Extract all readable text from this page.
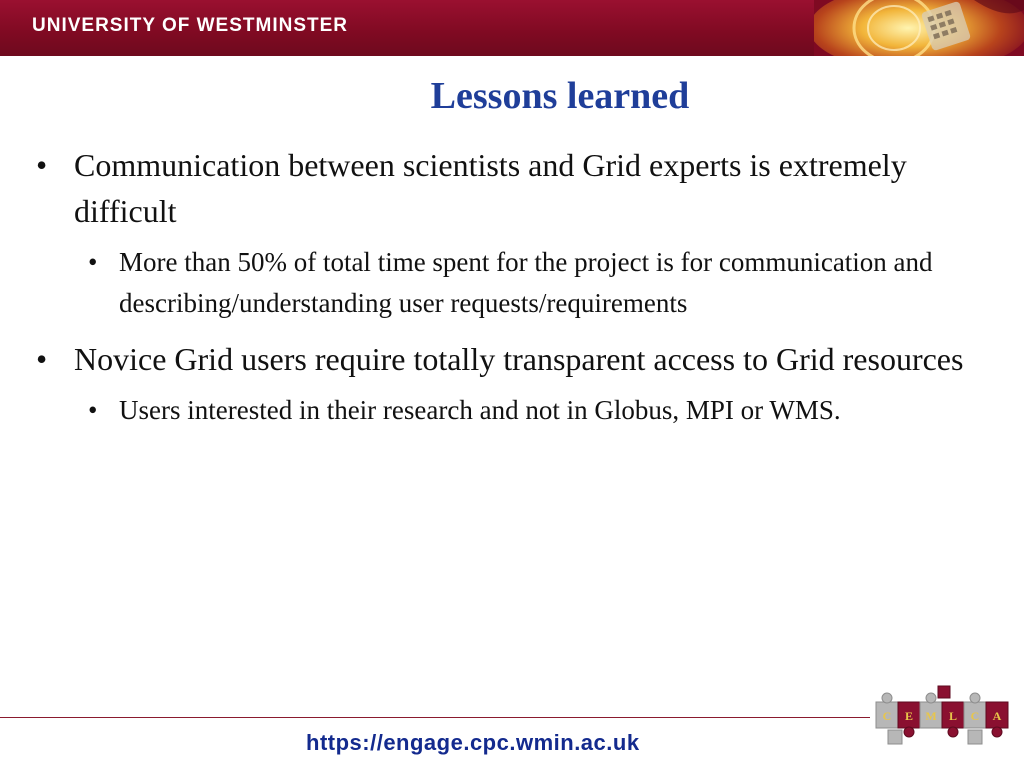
UNIVERSITY OF WESTMINSTER
Lessons learned
• Communication between scientists and Grid experts is extremely difficult
• More than 50% of total time spent for the project is for communication and describing/understanding user requests/requirements
• Novice Grid users require totally transparent access to Grid resources
• Users interested in their research and not in Globus, MPI or WMS.
https://engage.cpc.wmin.ac.uk
C E M L C A
